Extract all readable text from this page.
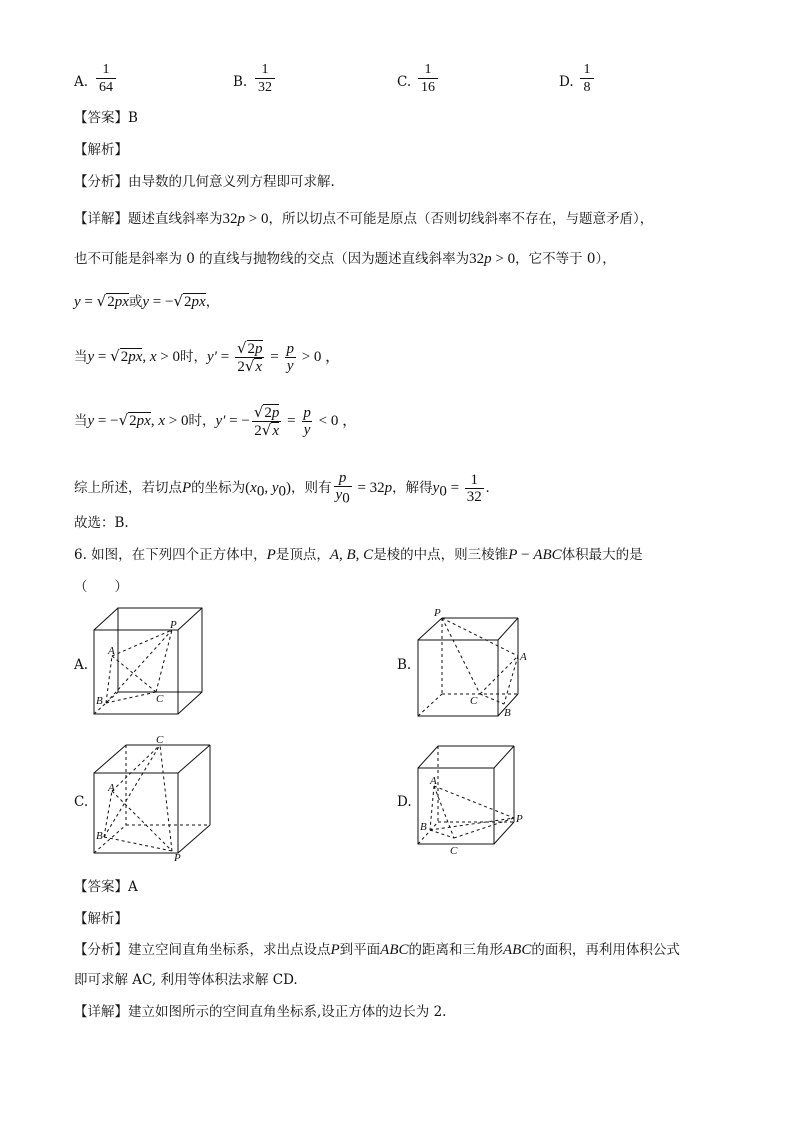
A.
1
64	B.
1
32	C.
1
16	D.
1
8
【答案】B
【解析】
【分析】由导数的几何意义列方程即可求解.
【详解】题述直线斜率为32p > 0，所以切点不可能是原点（否则切线斜率不存在，与题意矛盾），
也不可能是斜率为 0 的直线与抛物线的交点（因为题述直线斜率为32p > 0，它不等于 0），
y = √2px或y = −√2px，
当y = √2px, x > 0时，$y' = \frac{√2p}{2√x} = \frac{p}{y} > 0$ ，
当y = −√2px, x > 0时，y′ = − $\frac{√2p}{2√x} = \frac{p}{y} < 0$ ，
综上所述，若切点P的坐标为($x_0$, $y_0$)，则有 $\frac{p}{y_0} = 32p$，解得$y_0 = \frac{1}{32}$ .
故选：B.
6. 如图，在下列四个正方体中，P是顶点，A, B, C是棱的中点，则三棱锥P − ABC体积最大的是
（　　）
A.
P
A
B	C
B.
P
A
C
B
C.
C
A
B
P
D.
A
B
P
C
【答案】A
【解析】
【分析】建立空间直角坐标系，求出点设点P到平面ABC的距离和三角形ABC的面积，再利用体积公式
即可求解 AC, 利用等体积法求解 CD.
【详解】建立如图所示的空间直角坐标系,设正方体的边长为 2.
